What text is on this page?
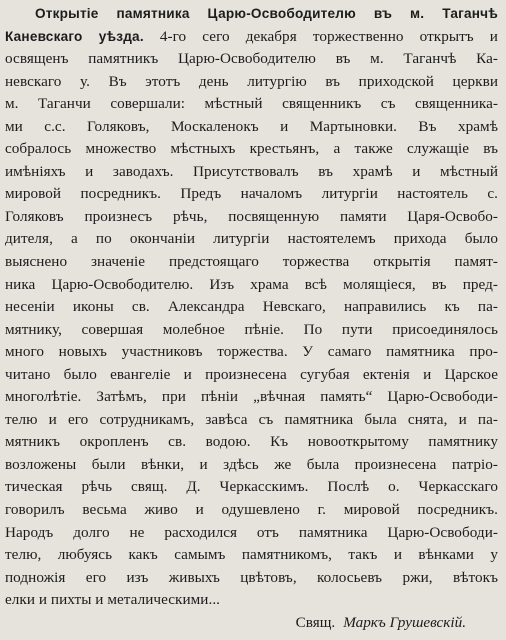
Открытіе памятника Царю-Освободителю въ м. Таганчѣ
Каневскаго уѣзда. 4-го сего декабря торжественно открытъ и
освященъ памятникъ Царю-Освободителю въ м. Таганчѣ Ка-
невскаго у. Въ этотъ день литургію въ приходской церкви
м. Таганчи совершали: мѣстный священникъ съ священника-
ми с.с. Голяковъ, Москаленокъ и Мартыновки. Въ храмѣ
собралось множество мѣстныхъ крестьянъ, а также служащіе въ
имѣніяхъ и заводахъ. Присутствовалъ въ храмѣ и мѣстный
мировой посредникъ. Предъ началомъ литургіи настоятель с.
Голяковъ произнесъ рѣчь, посвященную памяти Царя-Освобо-
дителя, а по окончаніи литургіи настоятелемъ прихода было
выяснено значеніе предстоящаго торжества открытія памят-
ника Царю-Освободителю. Изъ храма всѣ молящіеся, въ пред-
несеніи иконы св. Александра Невскаго, направились къ па-
мятнику, совершая молебное пѣніе. По пути присоединялось
много новыхъ участниковъ торжества. У самаго памятника про-
читано было евангеліе и произнесена сугубая ектенія и Царское
многолѣтіе. Затѣмъ, при пѣніи „вѣчная память“ Царю-Освободи-
телю и его сотрудникамъ, завѣса съ памятника была снята, и па-
мятникъ окропленъ св. водою. Къ новооткрытому памятнику
возложены были вѣнки, и здѣсь же была произнесена патріо-
тическая рѣчь свящ. Д. Черкасскимъ. Послѣ о. Черкасскаго
говорилъ весьма живо и одушевлено г. мировой посредникъ.
Народъ долго не расходился отъ памятника Царю-Освободи-
телю, любуясь какъ самымъ памятникомъ, такъ и вѣнками у
подножія его изъ живыхъ цвѣтовъ, колосьевъ ржи, вѣтокъ
елки и пихты и металическими...
Свящ. Маркъ Грушевскій.
